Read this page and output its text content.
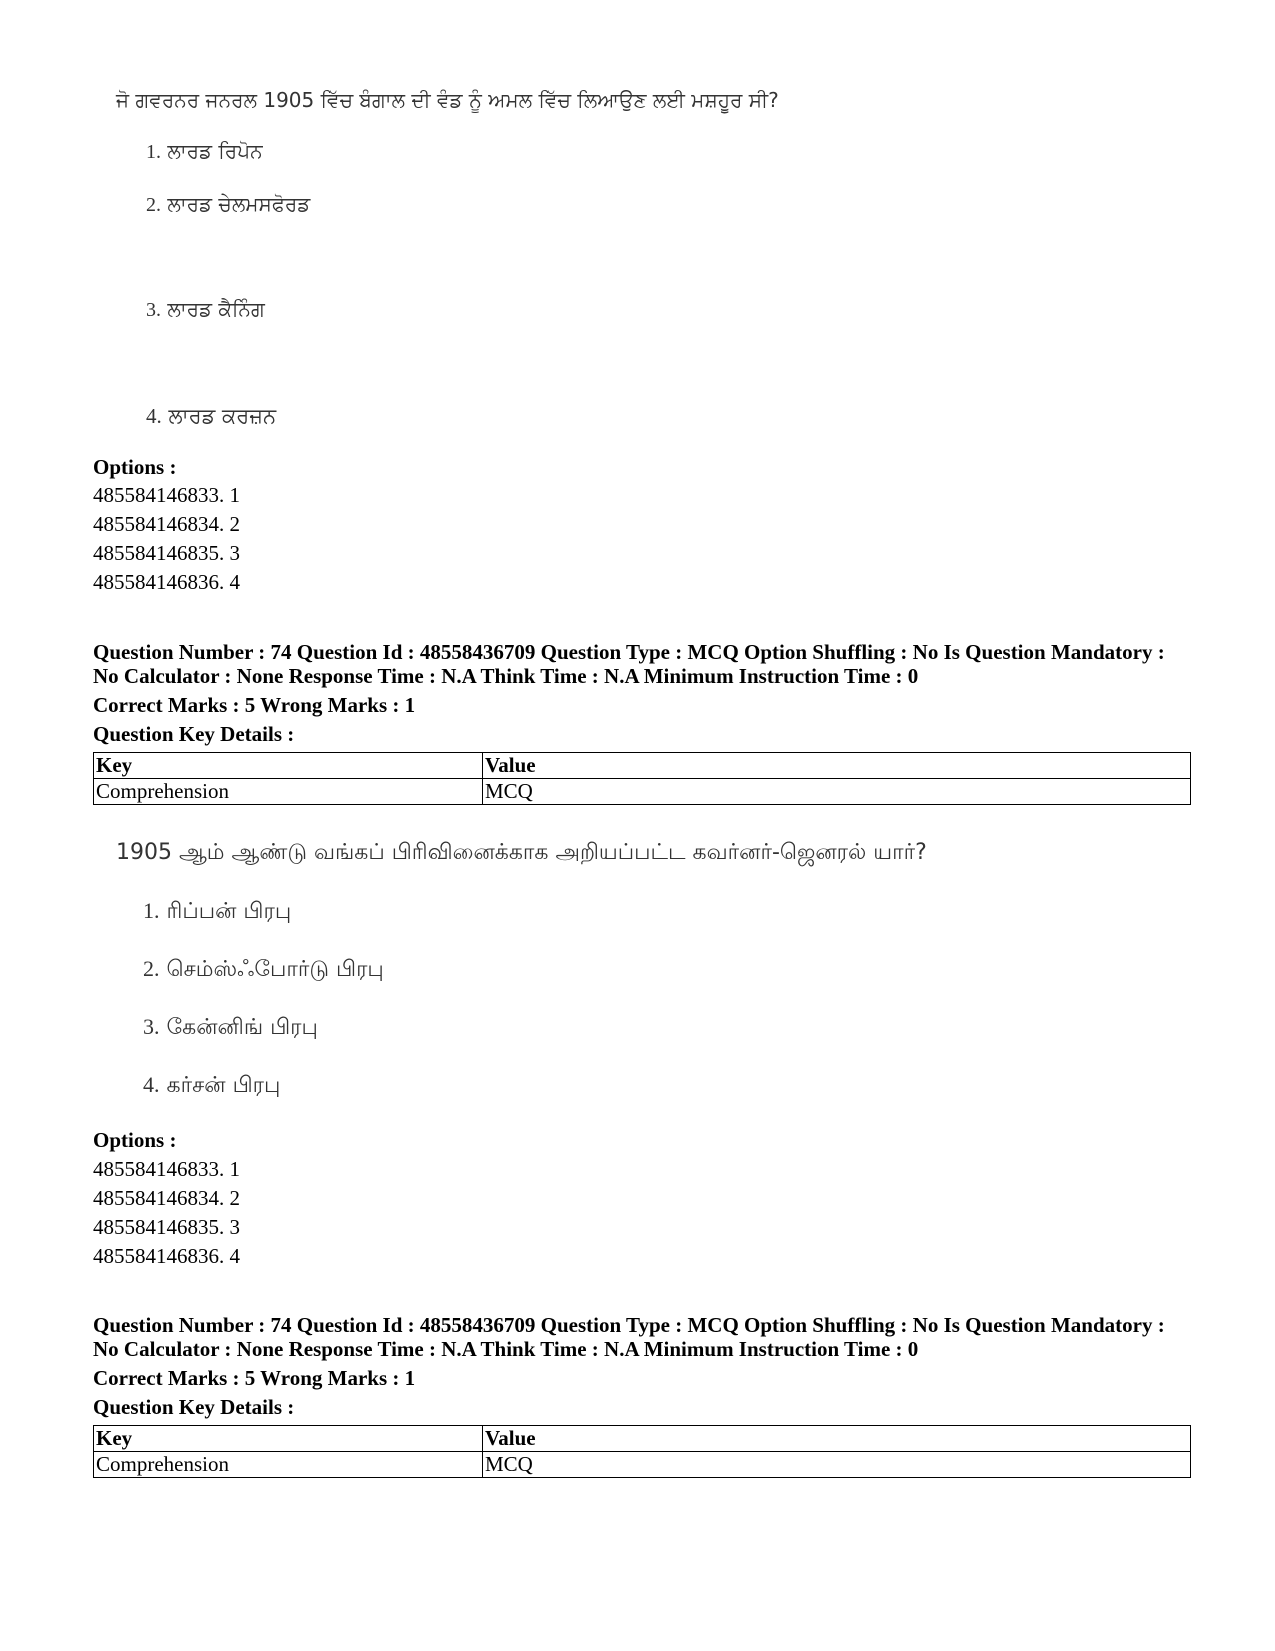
ਜੋ ਗਵਰਨਰ ਜਨਰਲ 1905 ਵਿੱਚ ਬੰਗਾਲ ਦੀ ਵੰਡ ਨੂੰ ਅਮਲ ਵਿੱਚ ਲਿਆਉਣ ਲਈ ਮਸ਼ਹੂਰ ਸੀ?
1. ਲਾਰਡ ਰਿਪੋਨ
2. ਲਾਰਡ ਚੇਲਮਸਫੋਰਡ
3. ਲਾਰਡ ਕੈਨਿੰਗ
4. ਲਾਰਡ ਕਰਜ਼ਨ
Options :
485584146833. 1
485584146834. 2
485584146835. 3
485584146836. 4
Question Number : 74 Question Id : 48558436709 Question Type : MCQ Option Shuffling : No Is Question Mandatory :
No Calculator : None Response Time : N.A Think Time : N.A Minimum Instruction Time : 0
Correct Marks : 5 Wrong Marks : 1
Question Key Details :
Key	Value
Comprehension	MCQ
1905 ஆம் ஆண்டு வங்கப் பிரிவினைக்காக அறியப்பட்ட கவர்னர்-ஜெனரல் யார்?
1. ரிப்பன் பிரபு
2. செம்ஸ்ஃபோர்டு பிரபு
3. கேன்னிங் பிரபு
4. கர்சன் பிரபு
Options :
485584146833. 1
485584146834. 2
485584146835. 3
485584146836. 4
Question Number : 74 Question Id : 48558436709 Question Type : MCQ Option Shuffling : No Is Question Mandatory :
No Calculator : None Response Time : N.A Think Time : N.A Minimum Instruction Time : 0
Correct Marks : 5 Wrong Marks : 1
Question Key Details :
Key	Value
Comprehension	MCQ
